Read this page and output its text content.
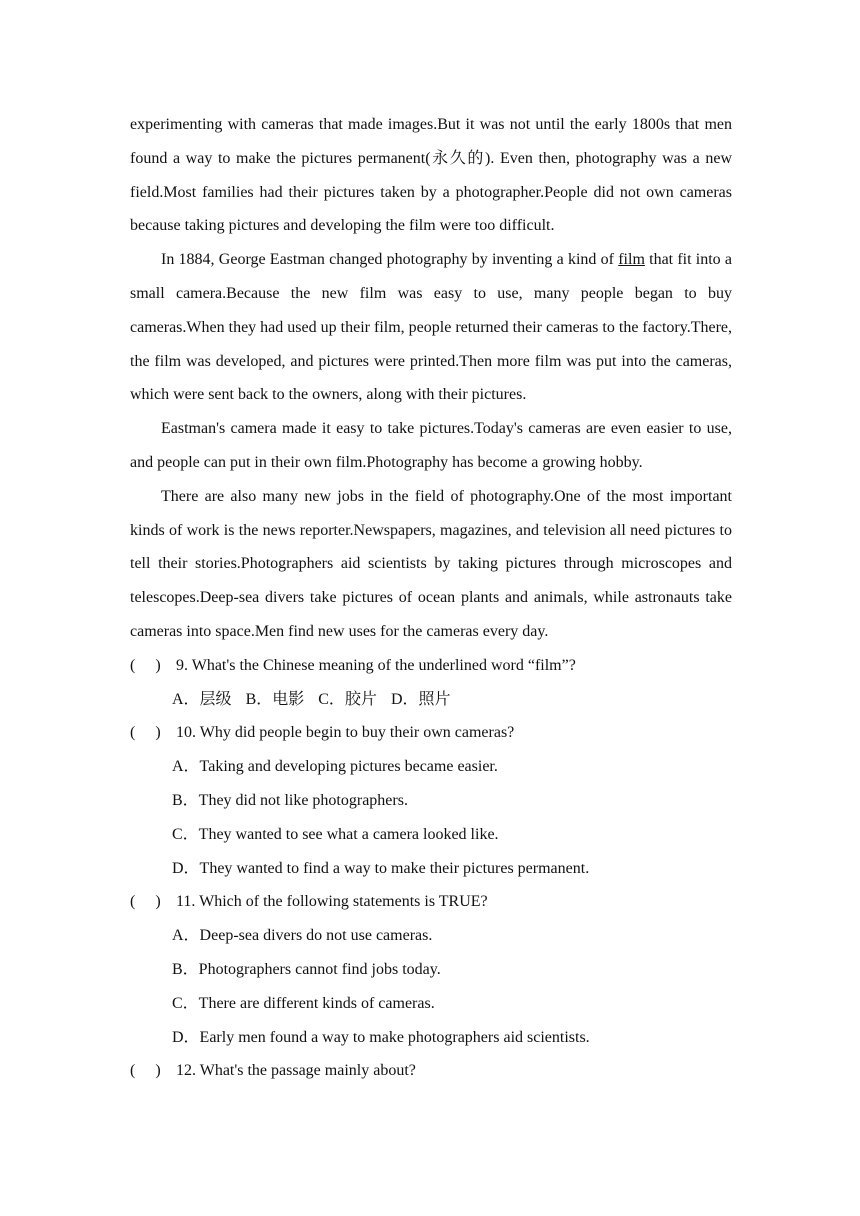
experimenting with cameras that made images.But it was not until the early 1800s that men found a way to make the pictures permanent(永久的). Even then, photography was a new field.Most families had their pictures taken by a photographer.People did not own cameras because taking pictures and developing the film were too difficult.

In 1884, George Eastman changed photography by inventing a kind of film that fit into a small camera.Because the new film was easy to use, many people began to buy cameras.When they had used up their film, people returned their cameras to the factory.There, the film was developed, and pictures were printed.Then more film was put into the cameras, which were sent back to the owners, along with their pictures.

Eastman's camera made it easy to take pictures.Today's cameras are even easier to use, and people can put in their own film.Photography has become a growing hobby.

There are also many new jobs in the field of photography.One of the most important kinds of work is the news reporter.Newspapers, magazines, and television all need pictures to tell their stories.Photographers aid scientists by taking pictures through microscopes and telescopes.Deep-sea divers take pictures of ocean plants and animals, while astronauts take cameras into space.Men find new uses for the cameras every day.

(　 ) 9. What's the Chinese meaning of the underlined word “film”?

A．层级 B．电影 C．胶片 D．照片

(　 ) 10. Why did people begin to buy their own cameras?

A．Taking and developing pictures became easier.

B．They did not like photographers.

C．They wanted to see what a camera looked like.

D．They wanted to find a way to make their pictures permanent.

(　 ) 11. Which of the following statements is TRUE?

A．Deep-sea divers do not use cameras.

B．Photographers cannot find jobs today.

C．There are different kinds of cameras.

D．Early men found a way to make photographers aid scientists.

(　 ) 12. What's the passage mainly about?
